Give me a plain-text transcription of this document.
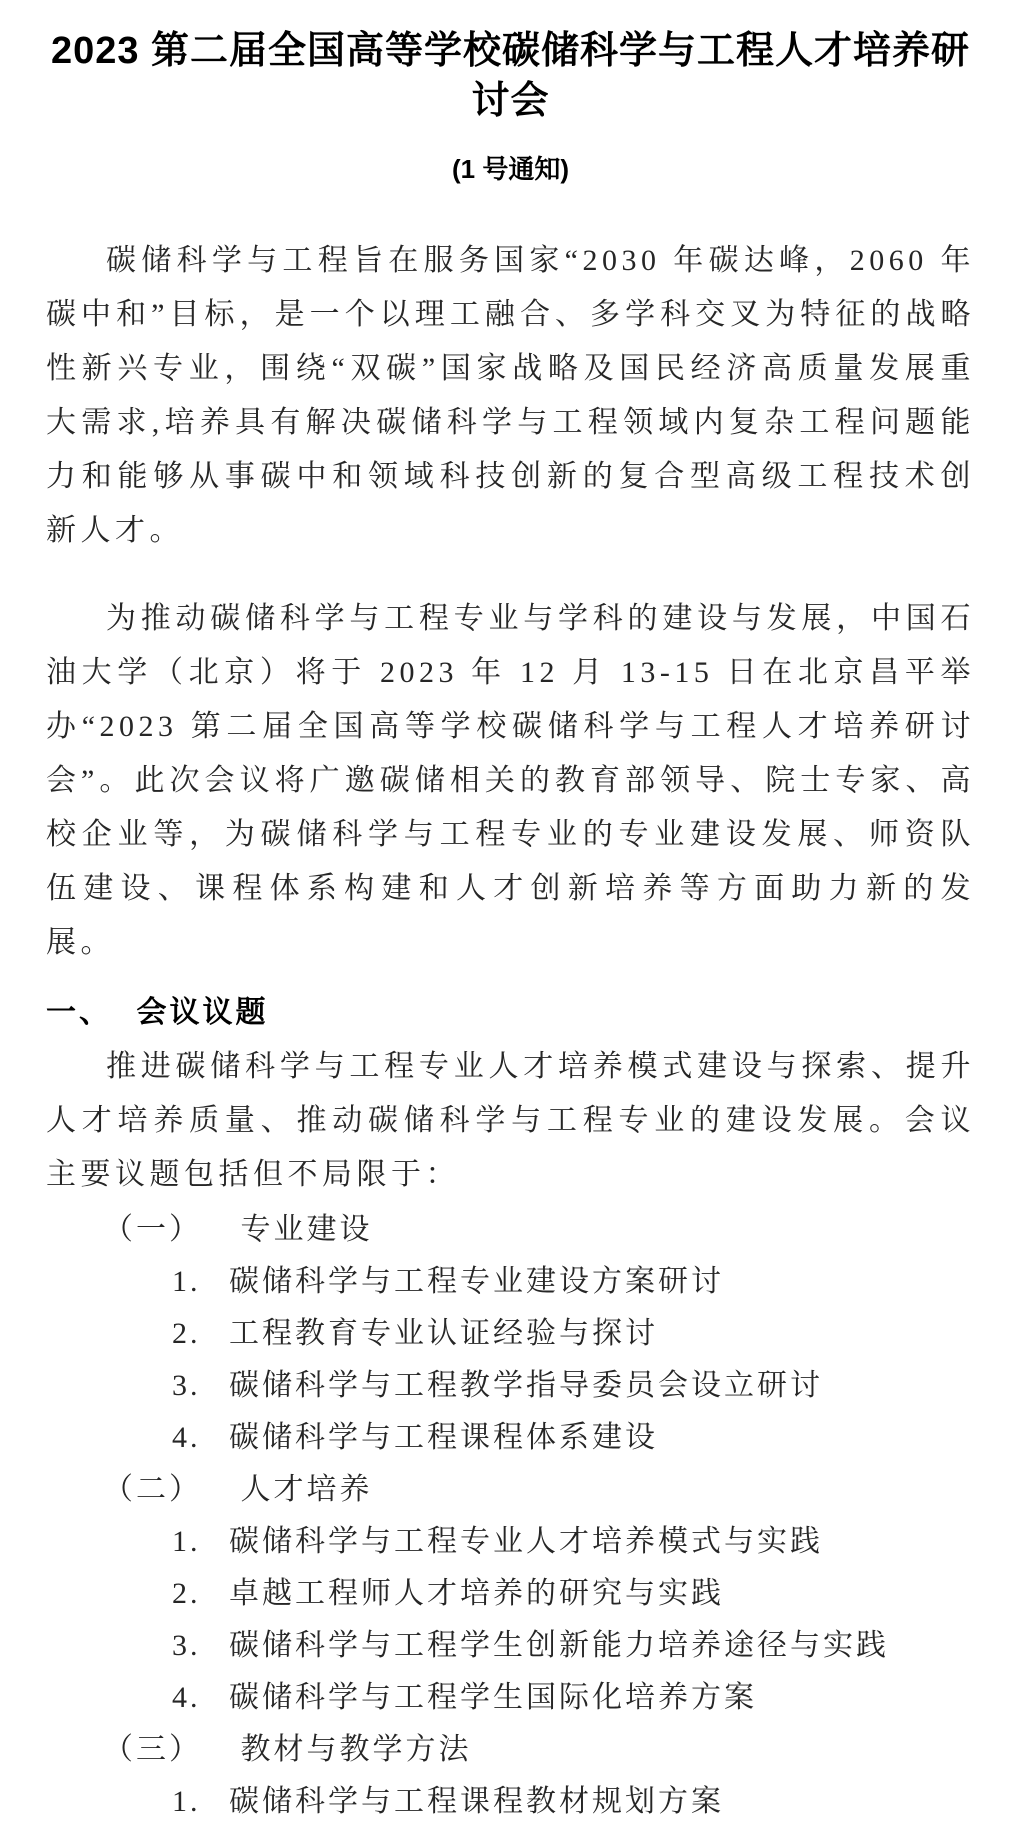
2023 第二届全国高等学校碳储科学与工程人才培养研讨会
(1 号通知)

碳储科学与工程旨在服务国家“2030 年碳达峰，2060 年碳中和”目标，是一个以理工融合、多学科交叉为特征的战略性新兴专业，围绕“双碳”国家战略及国民经济高质量发展重大需求,培养具有解决碳储科学与工程领域内复杂工程问题能力和能够从事碳中和领域科技创新的复合型高级工程技术创新人才。

为推动碳储科学与工程专业与学科的建设与发展，中国石油大学（北京）将于 2023 年 12 月 13-15 日在北京昌平举办“2023 第二届全国高等学校碳储科学与工程人才培养研讨会”。此次会议将广邀碳储相关的教育部领导、院士专家、高校企业等，为碳储科学与工程专业的专业建设发展、师资队伍建设、课程体系构建和人才创新培养等方面助力新的发展。

一、 会议议题

推进碳储科学与工程专业人才培养模式建设与探索、提升人才培养质量、推动碳储科学与工程专业的建设发展。会议主要议题包括但不局限于：

（一） 专业建设
1. 碳储科学与工程专业建设方案研讨
2. 工程教育专业认证经验与探讨
3. 碳储科学与工程教学指导委员会设立研讨
4. 碳储科学与工程课程体系建设
（二） 人才培养
1. 碳储科学与工程专业人才培养模式与实践
2. 卓越工程师人才培养的研究与实践
3. 碳储科学与工程学生创新能力培养途径与实践
4. 碳储科学与工程学生国际化培养方案
（三） 教材与教学方法
1. 碳储科学与工程课程教材规划方案
